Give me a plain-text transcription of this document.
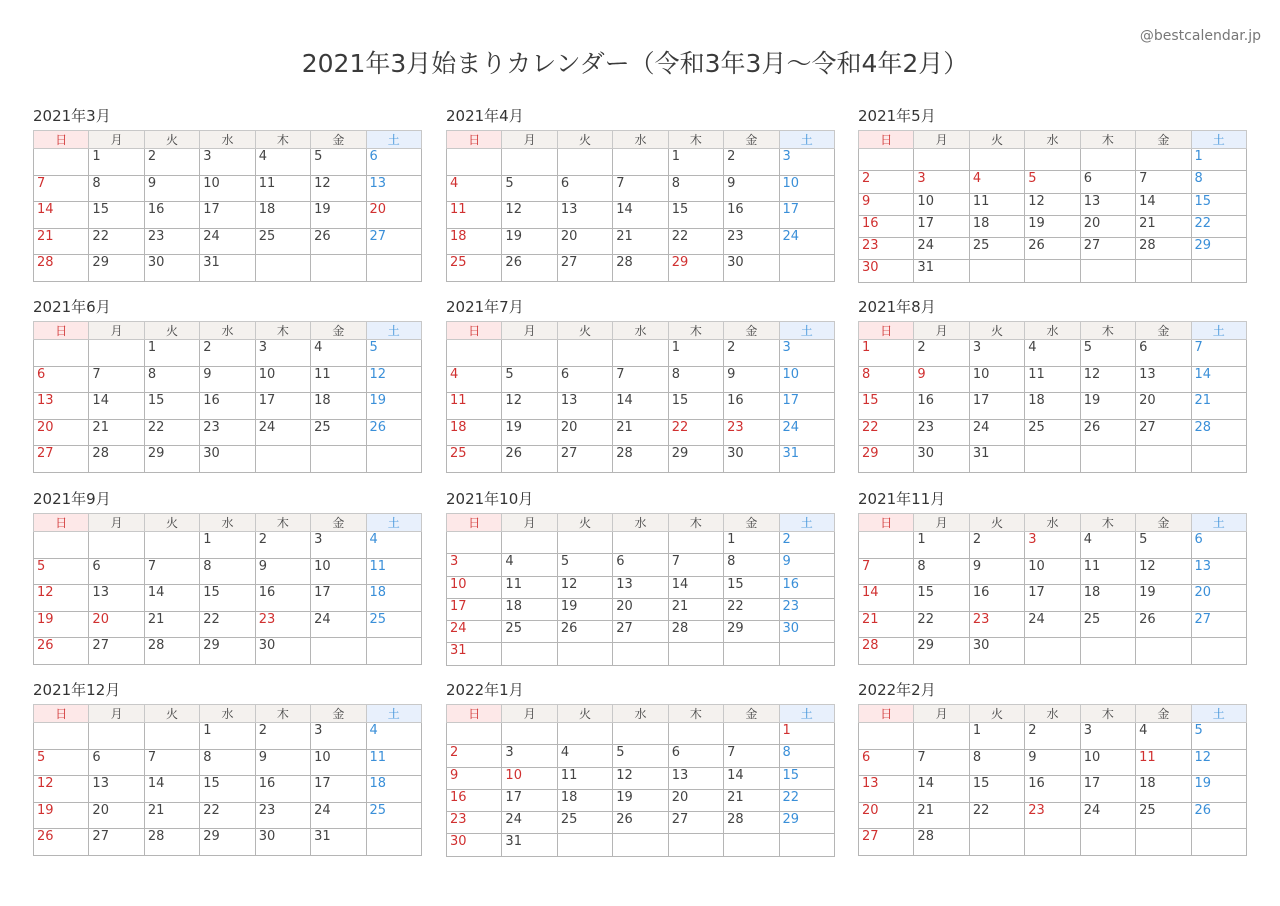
@bestcalendar.jp
2021年3月始まりカレンダー（令和3年3月〜令和4年2月）
2021年3月
日	月	火	水	木	金	土
	1	2	3	4	5	6
7	8	9	10	11	12	13
14	15	16	17	18	19	20
21	22	23	24	25	26	27
28	29	30	31			
2021年4月
日	月	火	水	木	金	土
				1	2	3
4	5	6	7	8	9	10
11	12	13	14	15	16	17
18	19	20	21	22	23	24
25	26	27	28	29	30	
2021年5月
日	月	火	水	木	金	土
						1
2	3	4	5	6	7	8
9	10	11	12	13	14	15
16	17	18	19	20	21	22
23	24	25	26	27	28	29
30	31					
2021年6月
日	月	火	水	木	金	土
		1	2	3	4	5
6	7	8	9	10	11	12
13	14	15	16	17	18	19
20	21	22	23	24	25	26
27	28	29	30			
2021年7月
日	月	火	水	木	金	土
				1	2	3
4	5	6	7	8	9	10
11	12	13	14	15	16	17
18	19	20	21	22	23	24
25	26	27	28	29	30	31
2021年8月
日	月	火	水	木	金	土
1	2	3	4	5	6	7
8	9	10	11	12	13	14
15	16	17	18	19	20	21
22	23	24	25	26	27	28
29	30	31				
2021年9月
日	月	火	水	木	金	土
			1	2	3	4
5	6	7	8	9	10	11
12	13	14	15	16	17	18
19	20	21	22	23	24	25
26	27	28	29	30		
2021年10月
日	月	火	水	木	金	土
					1	2
3	4	5	6	7	8	9
10	11	12	13	14	15	16
17	18	19	20	21	22	23
24	25	26	27	28	29	30
31						
2021年11月
日	月	火	水	木	金	土
	1	2	3	4	5	6
7	8	9	10	11	12	13
14	15	16	17	18	19	20
21	22	23	24	25	26	27
28	29	30				
2021年12月
日	月	火	水	木	金	土
			1	2	3	4
5	6	7	8	9	10	11
12	13	14	15	16	17	18
19	20	21	22	23	24	25
26	27	28	29	30	31	
2022年1月
日	月	火	水	木	金	土
						1
2	3	4	5	6	7	8
9	10	11	12	13	14	15
16	17	18	19	20	21	22
23	24	25	26	27	28	29
30	31					
2022年2月
日	月	火	水	木	金	土
		1	2	3	4	5
6	7	8	9	10	11	12
13	14	15	16	17	18	19
20	21	22	23	24	25	26
27	28					
